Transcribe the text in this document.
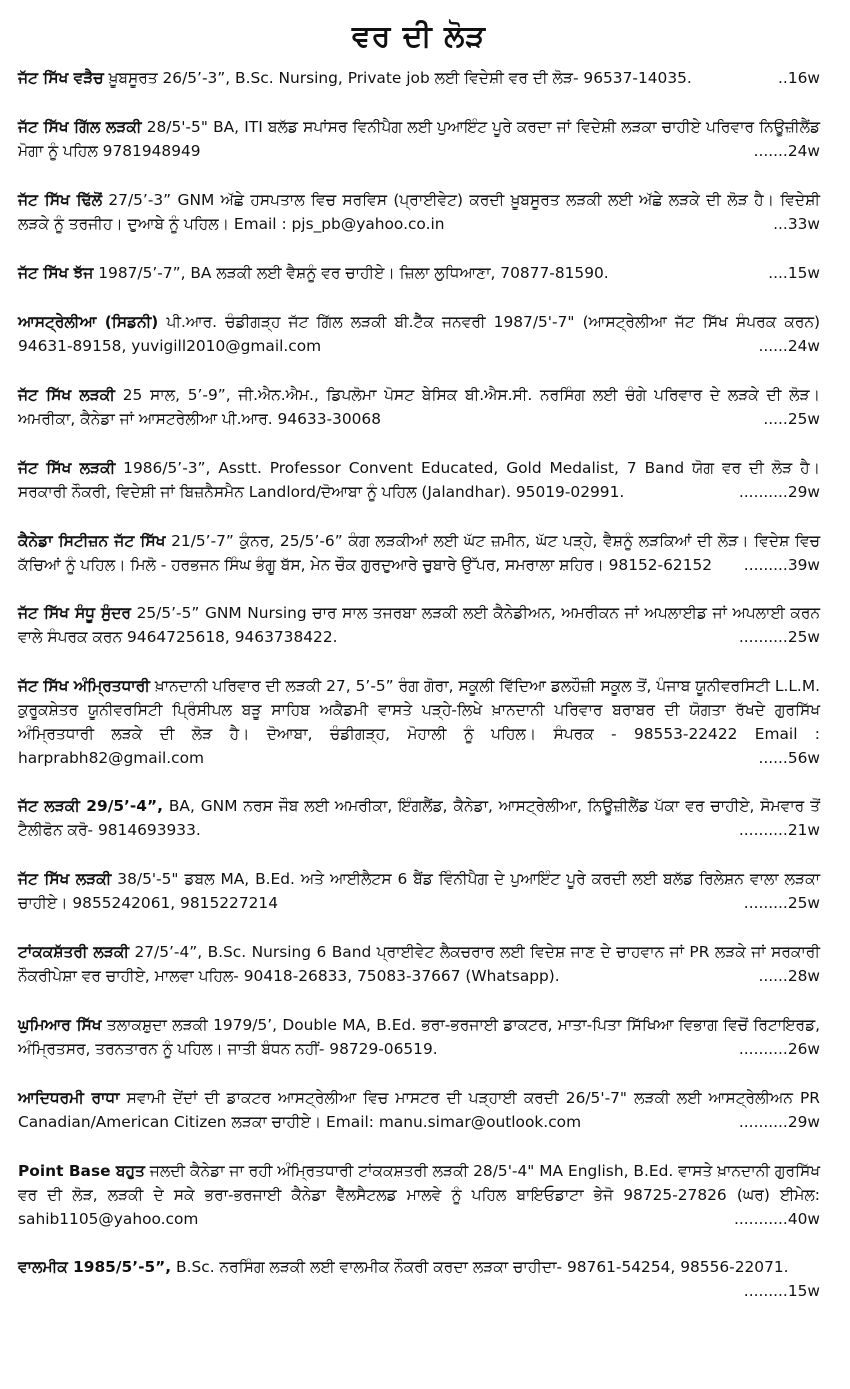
ਵਰ ਦੀ ਲੋੜ
ਜੱਟ ਸਿੱਖ ਵੜੈਚ ਖ਼ੂਬਸੂਰਤ 26/5’-3”, B.Sc. Nursing, Private job ਲਈ ਵਿਦੇਸ਼ੀ ਵਰ ਦੀ ਲੋੜ- 96537-14035.	..16w
ਜੱਟ ਸਿੱਖ ਗਿੱਲ ਲੜਕੀ 28/5'-5" BA, ITI ਬਲੱਡ ਸਪਾਂਸਰ ਵਿਨੀਪੈਗ ਲਈ ਪੁਆਇੰਟ ਪੂਰੇ ਕਰਦਾ ਜਾਂ ਵਿਦੇਸ਼ੀ ਲੜਕਾ ਚਾਹੀਏ ਪਰਿਵਾਰ ਨਿਊਜ਼ੀਲੈਂਡ ਮੋਗਾ ਨੂੰ ਪਹਿਲ 9781948949	.......24w
ਜੱਟ ਸਿੱਖ ਢਿੱਲੋਂ 27/5’-3” GNM ਅੱਛੇ ਹਸਪਤਾਲ ਵਿਚ ਸਰਵਿਸ (ਪ੍ਰਾਈਵੇਟ) ਕਰਦੀ ਖ਼ੂਬਸੂਰਤ ਲੜਕੀ ਲਈ ਅੱਛੇ ਲੜਕੇ ਦੀ ਲੋੜ ਹੈ। ਵਿਦੇਸ਼ੀ ਲੜਕੇ ਨੂੰ ਤਰਜੀਹ। ਦੁਆਬੇ ਨੂੰ ਪਹਿਲ। Email : pjs_pb@yahoo.co.in	...33w
ਜੱਟ ਸਿੱਖ ਝੱਜ 1987/5’-7”, BA ਲੜਕੀ ਲਈ ਵੈਸ਼ਨੂੰ ਵਰ ਚਾਹੀਏ। ਜ਼ਿਲਾ ਲੁਧਿਆਣਾ, 70877-81590.	....15w
ਆਸਟ੍ਰੇਲੀਆ (ਸਿਡਨੀ) ਪੀ.ਆਰ. ਚੰਡੀਗੜ੍ਹ ਜੱਟ ਗਿੱਲ ਲੜਕੀ ਬੀ.ਟੈੱਕ ਜਨਵਰੀ 1987/5'-7" (ਆਸਟ੍ਰੇਲੀਆ ਜੱਟ ਸਿੱਖ ਸੰਪਰਕ ਕਰਨ) 94631-89158, yuvigill2010@gmail.com	......24w
ਜੱਟ ਸਿੱਖ ਲੜਕੀ 25 ਸਾਲ, 5’-9”, ਜੀ.ਐਨ.ਐਮ., ਡਿਪਲੋਮਾ ਪੋਸਟ ਬੇਸਿਕ ਬੀ.ਐਸ.ਸੀ. ਨਰਸਿੰਗ ਲਈ ਚੰਗੇ ਪਰਿਵਾਰ ਦੇ ਲੜਕੇ ਦੀ ਲੋੜ। ਅਮਰੀਕਾ, ਕੈਨੇਡਾ ਜਾਂ ਆਸਟਰੇਲੀਆ ਪੀ.ਆਰ. 94633-30068	.....25w
ਜੱਟ ਸਿੱਖ ਲੜਕੀ 1986/5’-3”, Asstt. Professor Convent Educated, Gold Medalist, 7 Band ਯੋਗ ਵਰ ਦੀ ਲੋੜ ਹੈ। ਸਰਕਾਰੀ ਨੌਕਰੀ, ਵਿਦੇਸ਼ੀ ਜਾਂ ਬਿਜ਼ਨੈਸਮੈਨ Landlord/ਦੋਆਬਾ ਨੂੰ ਪਹਿਲ (Jalandhar). 95019-02991.	..........29w
ਕੈਨੇਡਾ ਸਿਟੀਜ਼ਨ ਜੱਟ ਸਿੱਖ 21/5’-7” ਕੁੰਨਰ, 25/5’-6” ਕੰਗ ਲੜਕੀਆਂ ਲਈ ਘੱਟ ਜ਼ਮੀਨ, ਘੱਟ ਪੜ੍ਹੇ, ਵੈਸ਼ਨੂੰ ਲੜਕਿਆਂ ਦੀ ਲੋੜ। ਵਿਦੇਸ਼ ਵਿਚ ਕੱਚਿਆਂ ਨੂੰ ਪਹਿਲ। ਮਿਲੋ - ਹਰਭਜਨ ਸਿੰਘ ਭੰਗੂ ਬੱਸ, ਮੇਨ ਚੌਕ ਗੁਰਦੁਆਰੇ ਚੁਬਾਰੇ ਉੱਪਰ, ਸਮਰਾਲਾ ਸ਼ਹਿਰ। 98152-62152 .........39w
ਜੱਟ ਸਿੱਖ ਸੰਧੂ ਸੁੰਦਰ 25/5’-5” GNM Nursing ਚਾਰ ਸਾਲ ਤਜਰਬਾ ਲੜਕੀ ਲਈ ਕੈਨੇਡੀਅਨ, ਅਮਰੀਕਨ ਜਾਂ ਅਪਲਾਈਡ ਜਾਂ ਅਪਲਾਈ ਕਰਨ ਵਾਲੇ ਸੰਪਰਕ ਕਰਨ 9464725618, 9463738422.	..........25w
ਜੱਟ ਸਿੱਖ ਅੰਮ੍ਰਿਤਧਾਰੀ ਖ਼ਾਨਦਾਨੀ ਪਰਿਵਾਰ ਦੀ ਲੜਕੀ 27, 5’-5” ਰੰਗ ਗੋਰਾ, ਸਕੂਲੀ ਵਿੱਦਿਆ ਡਲਹੌਜ਼ੀ ਸਕੂਲ ਤੋਂ, ਪੰਜਾਬ ਯੂਨੀਵਰਸਿਟੀ L.L.M. ਕੁਰੂਕਸ਼ੇਤਰ ਯੂਨੀਵਰਸਿਟੀ ਪ੍ਰਿੰਸੀਪਲ ਬੜੂ ਸਾਹਿਬ ਅਕੈਡਮੀ ਵਾਸਤੇ ਪੜ੍ਹੇ-ਲਿਖੇ ਖ਼ਾਨਦਾਨੀ ਪਰਿਵਾਰ ਬਰਾਬਰ ਦੀ ਯੋਗਤਾ ਰੱਖਦੇ ਗੁਰਸਿੱਖ ਅੰਮ੍ਰਿਤਧਾਰੀ ਲੜਕੇ ਦੀ ਲੋੜ ਹੈ। ਦੋਆਬਾ, ਚੰਡੀਗੜ੍ਹ, ਮੋਹਾਲੀ ਨੂੰ ਪਹਿਲ। ਸੰਪਰਕ - 98553-22422 Email : harprabh82@gmail.com	......56w
ਜੱਟ ਲੜਕੀ 29/5’-4”, BA, GNM ਨਰਸ ਜੌਬ ਲਈ ਅਮਰੀਕਾ, ਇੰਗਲੈਂਡ, ਕੈਨੇਡਾ, ਆਸਟ੍ਰੇਲੀਆ, ਨਿਊਜ਼ੀਲੈਂਡ ਪੱਕਾ ਵਰ ਚਾਹੀਏ, ਸੋਮਵਾਰ ਤੋਂ ਟੈਲੀਫੋਨ ਕਰੋ- 9814693933.	..........21w
ਜੱਟ ਸਿੱਖ ਲੜਕੀ 38/5'-5" ਡਬਲ MA, B.Ed. ਅਤੇ ਆਈਲੈਟਸ 6 ਬੈਂਡ ਵਿੰਨੀਪੈਗ ਦੇ ਪੁਆਇੰਟ ਪੂਰੇ ਕਰਦੀ ਲਈ ਬਲੱਡ ਰਿਲੇਸ਼ਨ ਵਾਲਾ ਲੜਕਾ ਚਾਹੀਏ। 9855242061, 9815227214	.........25w
ਟਾਂਕਕਸ਼ੱਤਰੀ ਲੜਕੀ 27/5’-4”, B.Sc. Nursing 6 Band ਪ੍ਰਾਈਵੇਟ ਲੈਕਚਰਾਰ ਲਈ ਵਿਦੇਸ਼ ਜਾਣ ਦੇ ਚਾਹਵਾਨ ਜਾਂ PR ਲੜਕੇ ਜਾਂ ਸਰਕਾਰੀ ਨੌਕਰੀਪੇਸ਼ਾ ਵਰ ਚਾਹੀਏ, ਮਾਲਵਾ ਪਹਿਲ- 90418-26833, 75083-37667 (Whatsapp).	......28w
ਘੁਮਿਆਰ ਸਿੱਖ ਤਲਾਕਸ਼ੁਦਾ ਲੜਕੀ 1979/5’, Double MA, B.Ed. ਭਰਾ-ਭਰਜਾਈ ਡਾਕਟਰ, ਮਾਤਾ-ਪਿਤਾ ਸਿੱਖਿਆ ਵਿਭਾਗ ਵਿਚੋਂ ਰਿਟਾਇਰਡ, ਅੰਮ੍ਰਿਤਸਰ, ਤਰਨਤਾਰਨ ਨੂੰ ਪਹਿਲ। ਜਾਤੀ ਬੰਧਨ ਨਹੀਂ- 98729-06519.	..........26w
ਆਦਿਧਰਮੀ ਰਾਧਾ ਸਵਾਮੀ ਦੇਂਦਾਂ ਦੀ ਡਾਕਟਰ ਆਸਟ੍ਰੇਲੀਆ ਵਿਚ ਮਾਸਟਰ ਦੀ ਪੜ੍ਹਾਈ ਕਰਦੀ 26/5'-7" ਲੜਕੀ ਲਈ ਆਸਟ੍ਰੇਲੀਅਨ PR Canadian/American Citizen ਲੜਕਾ ਚਾਹੀਏ। Email: manu.simar@outlook.com	..........29w
Point Base ਬਹੁਤ ਜਲਦੀ ਕੈਨੇਡਾ ਜਾ ਰਹੀ ਅੰਮ੍ਰਿਤਧਾਰੀ ਟਾਂਕਕਸ਼ਤਰੀ ਲੜਕੀ 28/5'-4" MA English, B.Ed. ਵਾਸਤੇ ਖ਼ਾਨਦਾਨੀ ਗੁਰਸਿੱਖ ਵਰ ਦੀ ਲੋੜ, ਲੜਕੀ ਦੇ ਸਕੇ ਭਰਾ-ਭਰਜਾਈ ਕੈਨੇਡਾ ਵੈੱਲਸੈਟਲਡ ਮਾਲਵੇ ਨੂੰ ਪਹਿਲ ਬਾਇਓਡਾਟਾ ਭੇਜੋ 98725-27826 (ਘਰ) ਈਮੇਲ: sahib1105@yahoo.com	...........40w
ਵਾਲਮੀਕ 1985/5’-5”, B.Sc. ਨਰਸਿੰਗ ਲੜਕੀ ਲਈ ਵਾਲਮੀਕ ਨੌਕਰੀ ਕਰਦਾ ਲੜਕਾ ਚਾਹੀਦਾ- 98761-54254, 98556-22071.
.........15w
